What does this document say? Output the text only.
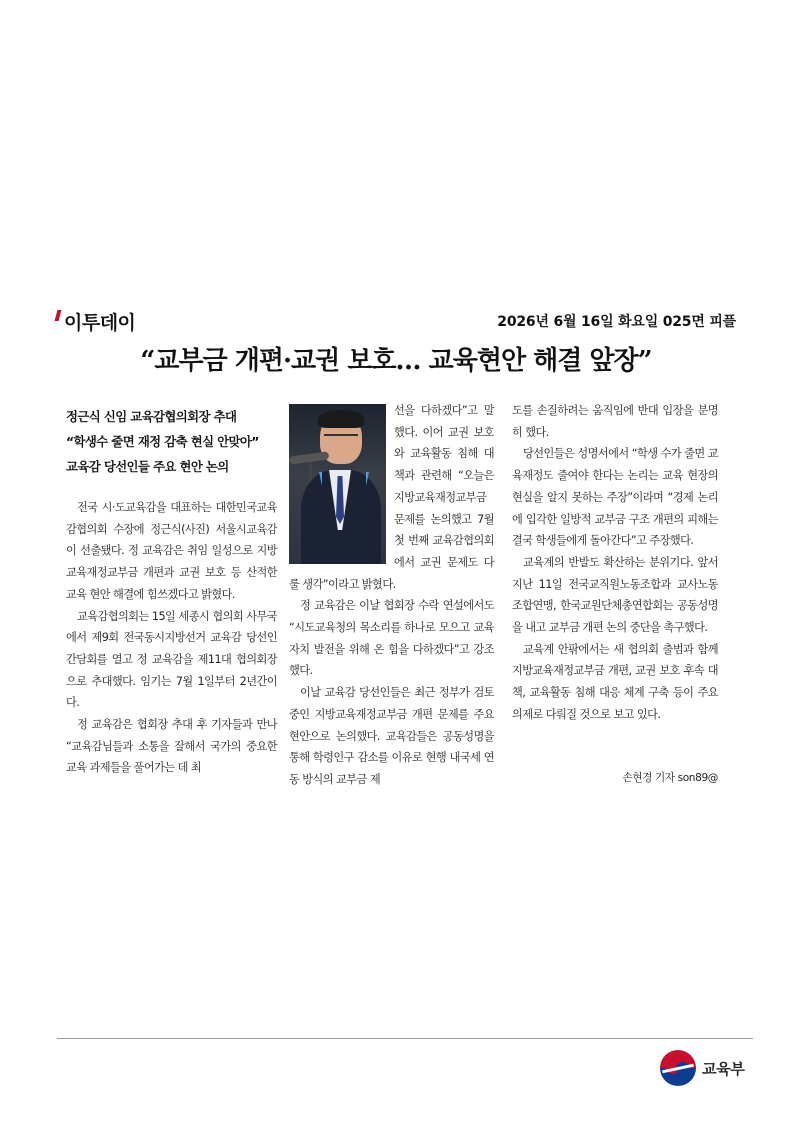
이투데이	2026년 6월 16일 화요일 025면 피플
“교부금 개편·교권 보호… 교육현안 해결 앞장”
정근식 신임 교육감협의회장 추대
“학생수 줄면 재정 감축 현실 안맞아”
교육감 당선인들 주요 현안 논의

전국 시·도교육감을 대표하는 대한민국교육감협의회 수장에 정근식(사진) 서울시교육감이 선출됐다. 정 교육감은 취임 일성으로 지방교육재정교부금 개편과 교권 보호 등 산적한 교육 현안 해결에 힘쓰겠다고 밝혔다.

교육감협의회는 15일 세종시 협의회 사무국에서 제9회 전국동시지방선거 교육감 당선인 간담회를 열고 정 교육감을 제11대 협의회장으로 추대했다. 임기는 7월 1일부터 2년간이다.

정 교육감은 협회장 추대 후 기자들과 만나 “교육감님들과 소통을 잘해서 국가의 중요한 교육 과제들을 풀어가는 데 최

선을 다하겠다”고 말했다. 이어 교권 보호와 교육활동 침해 대책과 관련해 “오늘은 지방교육재정교부금 문제를 논의했고 7월 첫 번째 교육감협의회에서 교권 문제도 다룰 생각”이라고 밝혔다.

정 교육감은 이날 협회장 수락 연설에서도 “시도교육청의 목소리를 하나로 모으고 교육자치 발전을 위해 온 힘을 다하겠다”고 강조했다.

이날 교육감 당선인들은 최근 정부가 검토 중인 지방교육재정교부금 개편 문제를 주요 현안으로 논의했다. 교육감들은 공동성명을 통해 학령인구 감소를 이유로 현행 내국세 연동 방식의 교부금 제

도를 손질하려는 움직임에 반대 입장을 분명히 했다.

당선인들은 성명서에서 “학생 수가 줄면 교육재정도 줄여야 한다는 논리는 교육 현장의 현실을 알지 못하는 주장”이라며 “경제 논리에 입각한 일방적 교부금 구조 개편의 피해는 결국 학생들에게 돌아간다”고 주장했다.

교육계의 반발도 확산하는 분위기다. 앞서 지난 11일 전국교직원노동조합과 교사노동조합연맹, 한국교원단체총연합회는 공동성명을 내고 교부금 개편 논의 중단을 촉구했다.

교육계 안팎에서는 새 협의회 출범과 함께 지방교육재정교부금 개편, 교권 보호 후속 대책, 교육활동 침해 대응 체계 구축 등이 주요 의제로 다뤄질 것으로 보고 있다.

손현경 기자 son89@
교육부
